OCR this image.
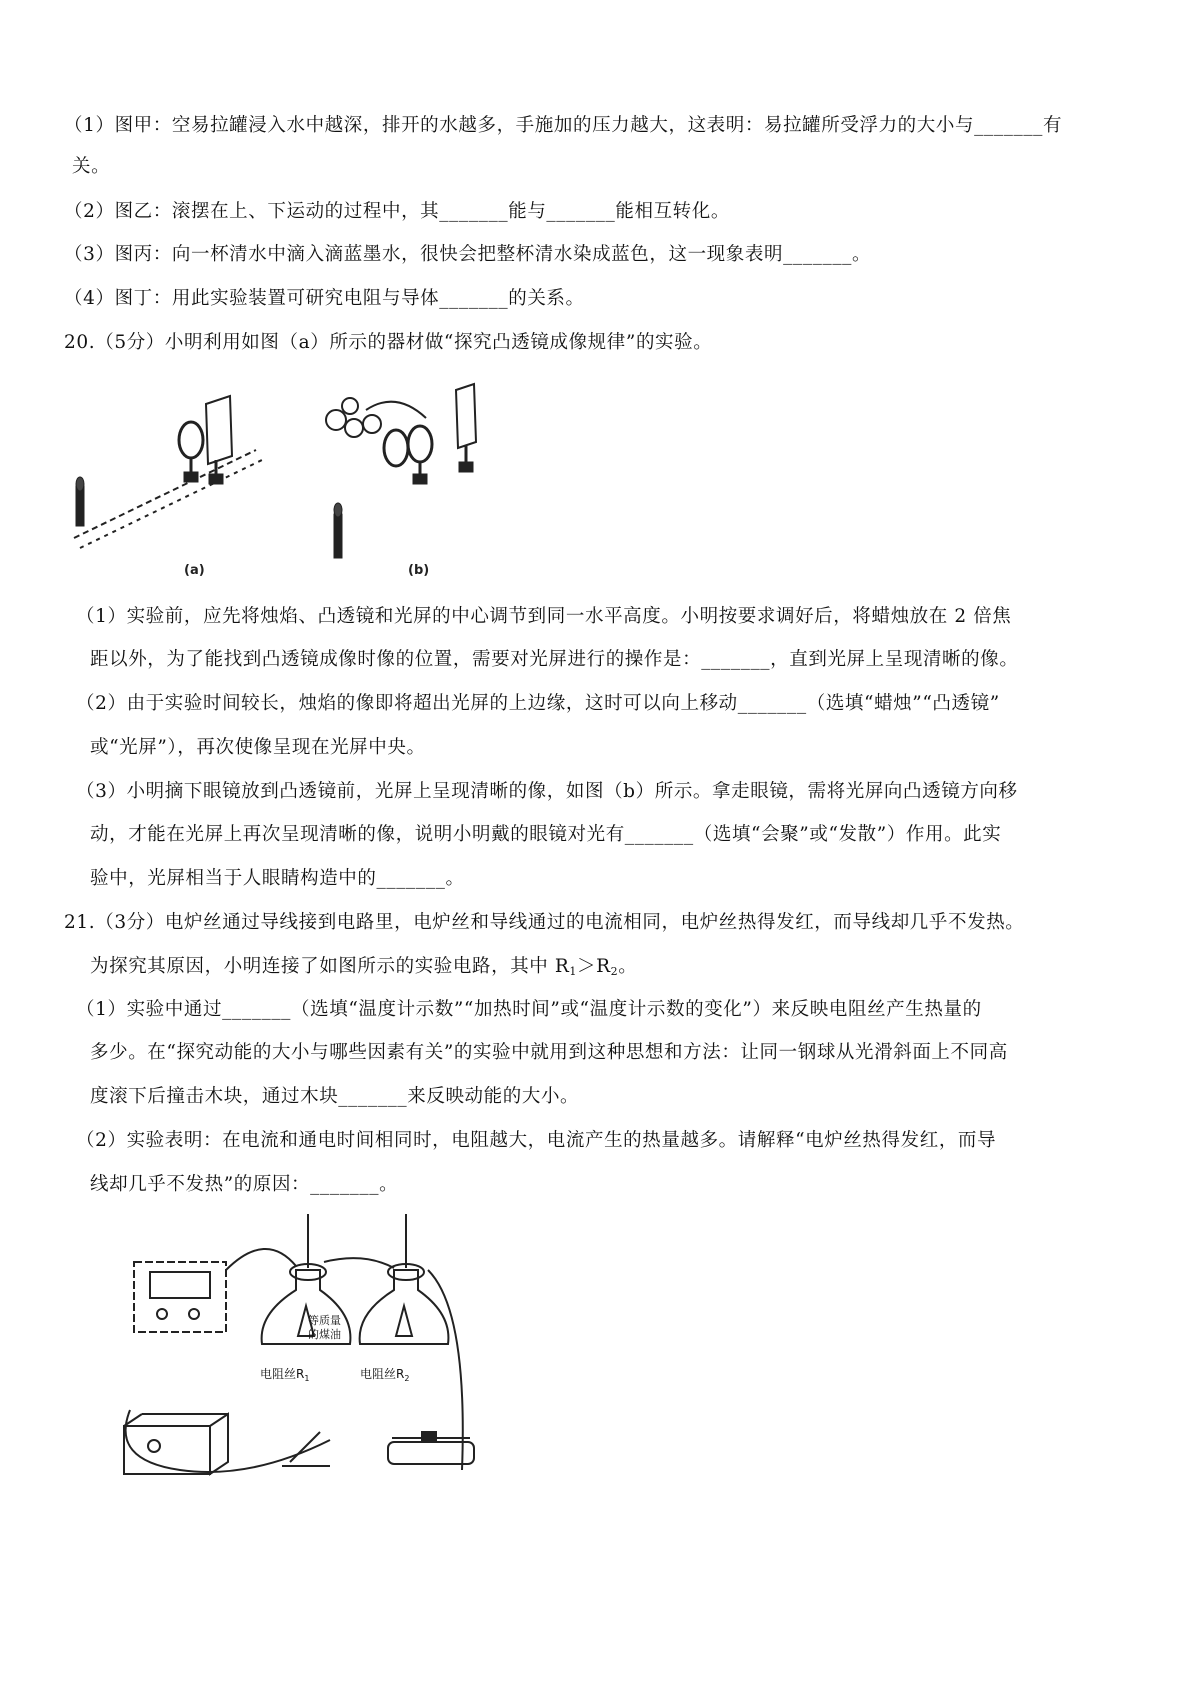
（1）图甲：空易拉罐浸入水中越深，排开的水越多，手施加的压力越大，这表明：易拉罐所受浮力的大小与_______有
关。
（2）图乙：滚摆在上、下运动的过程中，其_______能与_______能相互转化。
（3）图丙：向一杯清水中滴入滴蓝墨水，很快会把整杯清水染成蓝色，这一现象表明_______。
（4）图丁：用此实验装置可研究电阻与导体_______的关系。
20.（5分）小明利用如图（a）所示的器材做“探究凸透镜成像规律”的实验。
(a)	(b)
（1）实验前，应先将烛焰、凸透镜和光屏的中心调节到同一水平高度。小明按要求调好后，将蜡烛放在 2 倍焦
距以外，为了能找到凸透镜成像时像的位置，需要对光屏进行的操作是：_______，直到光屏上呈现清晰的像。
（2）由于实验时间较长，烛焰的像即将超出光屏的上边缘，这时可以向上移动_______（选填“蜡烛”“凸透镜”
或“光屏”），再次使像呈现在光屏中央。
（3）小明摘下眼镜放到凸透镜前，光屏上呈现清晰的像，如图（b）所示。拿走眼镜，需将光屏向凸透镜方向移
动，才能在光屏上再次呈现清晰的像，说明小明戴的眼镜对光有_______（选填“会聚”或“发散”）作用。此实
验中，光屏相当于人眼睛构造中的_______。
21.（3分）电炉丝通过导线接到电路里，电炉丝和导线通过的电流相同，电炉丝热得发红，而导线却几乎不发热。
为探究其原因，小明连接了如图所示的实验电路，其中 $R_1>R_2$。
（1）实验中通过_______（选填“温度计示数”“加热时间”或“温度计示数的变化”）来反映电阻丝产生热量的
多少。在“探究动能的大小与哪些因素有关”的实验中就用到这种思想和方法：让同一钢球从光滑斜面上不同高
度滚下后撞击木块，通过木块_______来反映动能的大小。
（2）实验表明：在电流和通电时间相同时，电阻越大，电流产生的热量越多。请解释“电炉丝热得发红，而导
线却几乎不发热”的原因：_______。
等质量
的煤油
电阻丝$R_1$	电阻丝$R_2$
